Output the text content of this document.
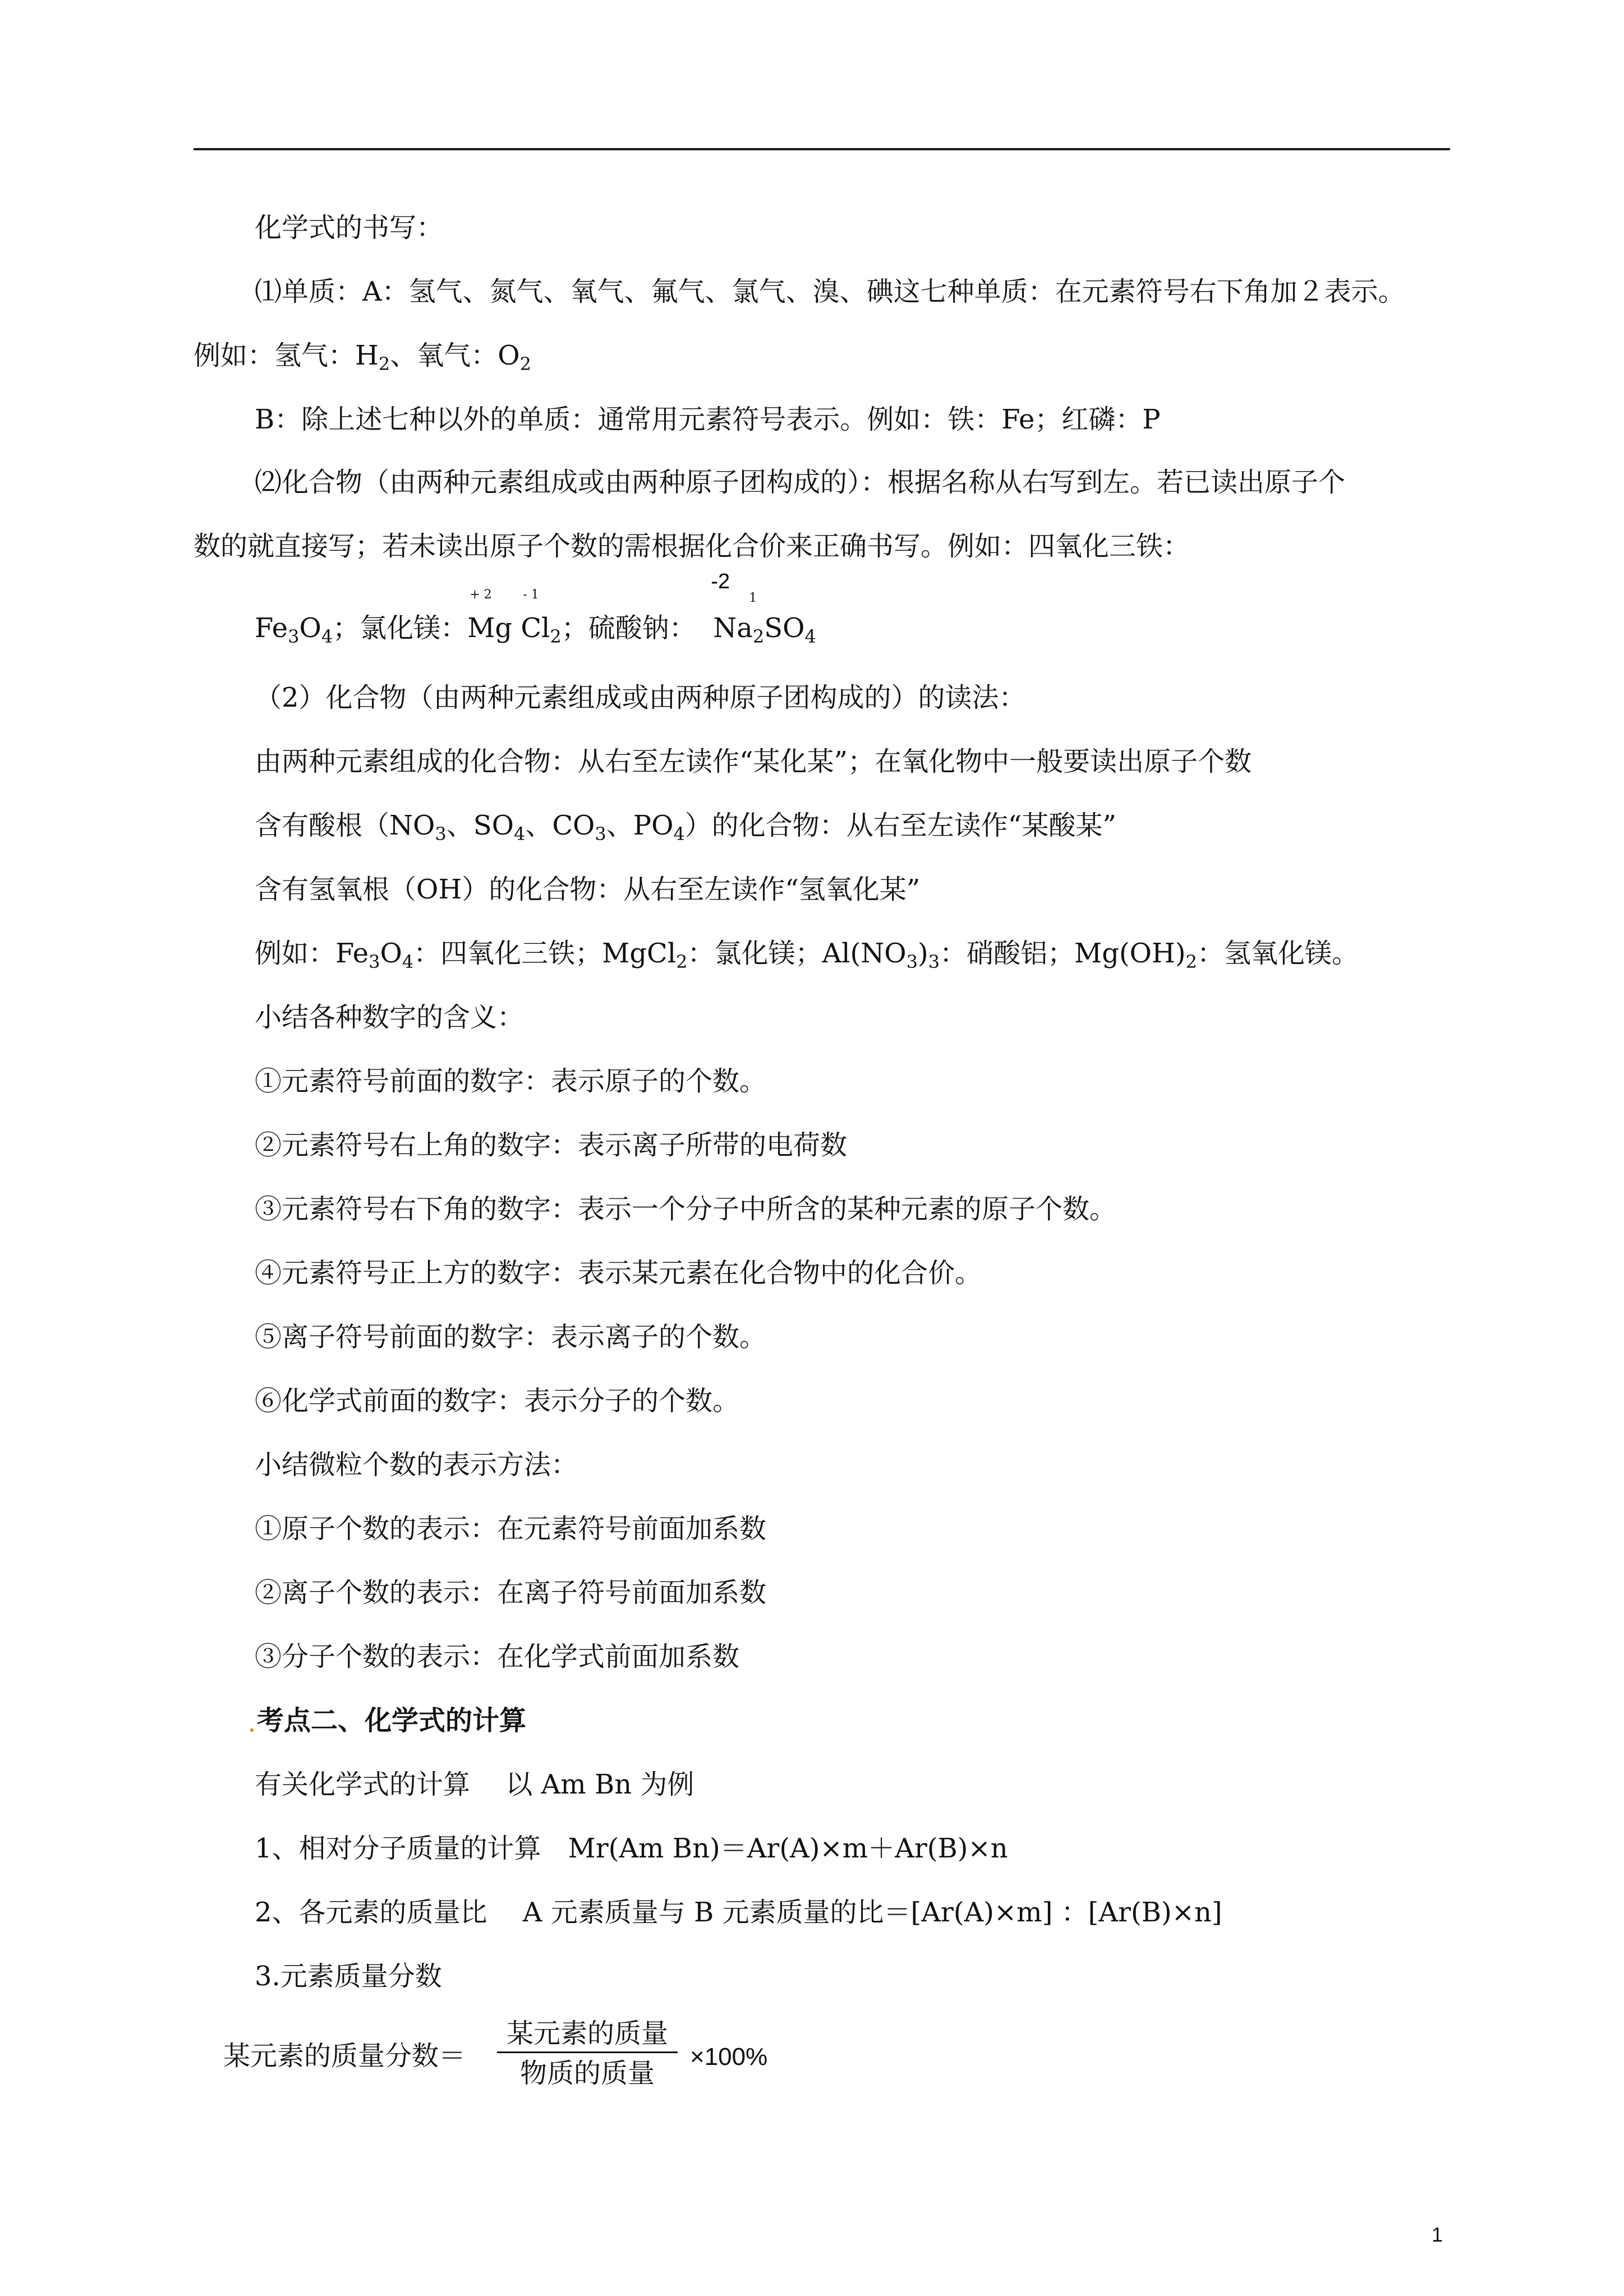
化学式的书写：
⑴单质：A：氢气、氮气、氧气、氟气、氯气、溴、碘这七种单质：在元素符号右下角加２表示。
例如：氢气：$H_2$、氧气：$O_2$
B：除上述七种以外的单质：通常用元素符号表示。例如：铁：Fe；红磷：P
⑵化合物（由两种元素组成或由两种原子团构成的）：根据名称从右写到左。若已读出原子个
数的就直接写；若未读出原子个数的需根据化合价来正确书写。例如：四氧化三铁：
$Fe_3O_4$；氯化镁：
+ 2
Mg
- 1
$Cl_2$；硫酸钠：
-2
1
$Na_2SO_4$
（2）化合物（由两种元素组成或由两种原子团构成的）的读法：
由两种元素组成的化合物：从右至左读作“某化某”；在氧化物中一般要读出原子个数
含有酸根（$NO_3$、$SO_4$、$CO_3$、$PO_4$）的化合物：从右至左读作“某酸某”
含有氢氧根（OH）的化合物：从右至左读作“氢氧化某”
例如：$Fe_3O_4$：四氧化三铁；MgCl$_2$：氯化镁；$Al(NO_3)_3$：硝酸铝；$Mg(OH)_2$：氢氧化镁。
小结各种数字的含义：
①元素符号前面的数字：表示原子的个数。
②元素符号右上角的数字：表示离子所带的电荷数
③元素符号右下角的数字：表示一个分子中所含的某种元素的原子个数。
④元素符号正上方的数字：表示某元素在化合物中的化合价。
⑤离子符号前面的数字：表示离子的个数。
⑥化学式前面的数字：表示分子的个数。
小结微粒个数的表示方法：
①原子个数的表示：在元素符号前面加系数
②离子个数的表示：在离子符号前面加系数
③分子个数的表示：在化学式前面加系数
考点二、化学式的计算
有关化学式的计算 　以 Am Bn 为例
1、相对分子质量的计算　Mr(Am Bn)＝Ar(A)×m＋Ar(B)×n
2、各元素的质量比　 A 元素质量与 B 元素质量的比＝[Ar(A)×m] ：[Ar(B)×n]
3.元素质量分数
某元素的质量分数＝
某元素的质量
物质的质量
×100%
1
